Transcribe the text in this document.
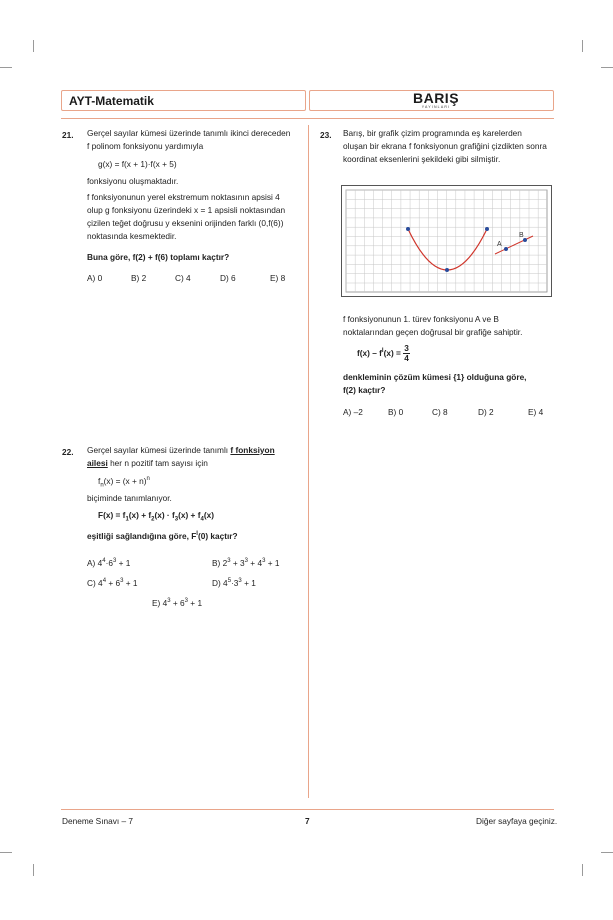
AYT-Matematik	BARIŞ
YAYINLARI
21. Gerçel sayılar kümesi üzerinde tanımlı ikinci dereceden
f polinom fonksiyonu yardımıyla
g(x) = f(x + 1)·f(x + 5)
fonksiyonu oluşmaktadır.
f fonksiyonunun yerel ekstremum noktasının apsisi 4
olup g fonksiyonu üzerindeki x = 1 apsisli noktasından
çizilen teğet doğrusu y eksenini orijinden farklı (0,f(6))
noktasında kesmektedir.
Buna göre, f(2) + f(6) toplamı kaçtır?
A) 0	B) 2	C) 4	D) 6	E) 8
22. Gerçel sayılar kümesi üzerinde tanımlı f fonksiyon
ailesi her n pozitif tam sayısı için
$f_n(x) = (x + n)^n$
biçiminde tanımlanıyor.
$F(x) = f_1(x) + f_2(x) \cdot f_3(x) + f_4(x)$
eşitliği sağlandığına göre, $F^I(0)$ kaçtır?
A) $4^4\cdot 6^3 + 1$	B) $2^3 + 3^3 + 4^3 + 1$
C) $4^4 + 6^3 + 1$	D) $4^5\cdot 3^3 + 1$
E) $4^3 + 6^3 + 1$
23. Barış, bir grafik çizim programında eş karelerden
oluşan bir ekrana f fonksiyonun grafiğini çizdikten sonra
koordinat eksenlerini şekildeki gibi silmiştir.
A
B
f fonksiyonunun 1. türev fonksiyonu A ve B
noktalarından geçen doğrusal bir grafiğe sahiptir.
$f(x) - f^I(x) = \frac{3}{4}$
denkleminin çözüm kümesi {1} olduğuna göre,
f(2) kaçtır?
A) –2	B) 0	C) 8	D) 2	E) 4
Deneme Sınavı – 7	7	Diğer sayfaya geçiniz.
